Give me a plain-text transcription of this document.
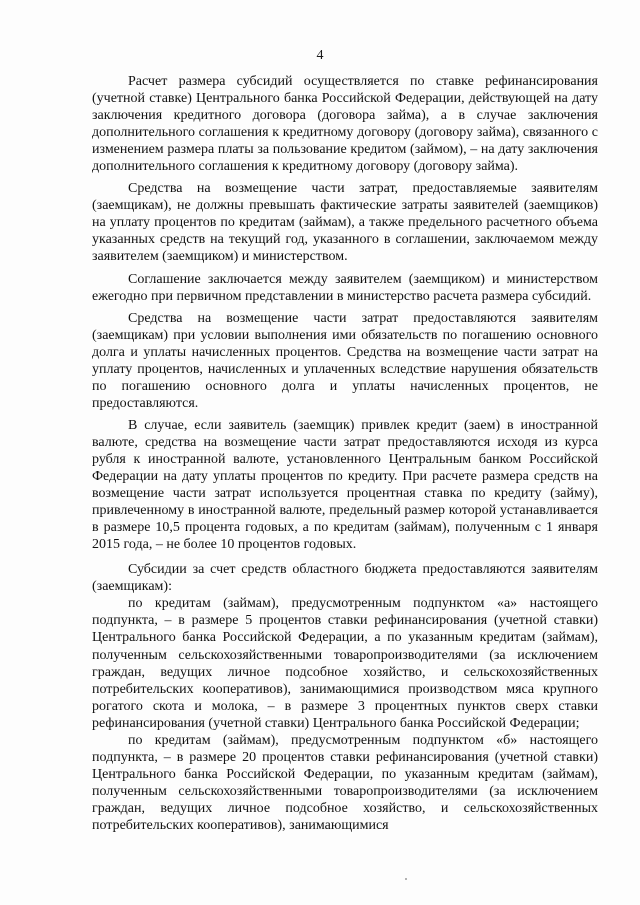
4

Расчет размера субсидий осуществляется по ставке рефинансирования (учетной ставке) Центрального банка Российской Федерации, действующей на дату заключения кредитного договора (договора займа), а в случае заключения дополнительного соглашения к кредитному договору (договору займа), связанного с изменением размера платы за пользование кредитом (займом), – на дату заключения дополнительного соглашения к кредитному договору (договору займа).

Средства на возмещение части затрат, предоставляемые заявителям (заемщикам), не должны превышать фактические затраты заявителей (заемщиков) на уплату процентов по кредитам (займам), а также предельного расчетного объема указанных средств на текущий год, указанного в соглашении, заключаемом между заявителем (заемщиком) и министерством.

Соглашение заключается между заявителем (заемщиком) и министерством ежегодно при первичном представлении в министерство расчета размера субсидий.

Средства на возмещение части затрат предоставляются заявителям (заемщикам) при условии выполнения ими обязательств по погашению основного долга и уплаты начисленных процентов. Средства на возмещение части затрат на уплату процентов, начисленных и уплаченных вследствие нарушения обязательств по погашению основного долга и уплаты начисленных процентов, не предоставляются.

В случае, если заявитель (заемщик) привлек кредит (заем) в иностранной валюте, средства на возмещение части затрат предоставляются исходя из курса рубля к иностранной валюте, установленного Центральным банком Российской Федерации на дату уплаты процентов по кредиту. При расчете размера средств на возмещение части затрат используется процентная ставка по кредиту (займу), привлеченному в иностранной валюте, предельный размер которой устанавливается в размере 10,5 процента годовых, а по кредитам (займам), полученным с 1 января 2015 года, – не более 10 процентов годовых.

Субсидии за счет средств областного бюджета предоставляются заявителям (заемщикам):

по кредитам (займам), предусмотренным подпунктом «а» настоящего подпункта, – в размере 5 процентов ставки рефинансирования (учетной ставки) Центрального банка Российской Федерации, а по указанным кредитам (займам), полученным сельскохозяйственными товаропроизводителями (за исключением граждан, ведущих личное подсобное хозяйство, и сельскохозяйственных потребительских кооперативов), занимающимися производством мяса крупного рогатого скота и молока, – в размере 3 процентных пунктов сверх ставки рефинансирования (учетной ставки) Центрального банка Российской Федерации;

по кредитам (займам), предусмотренным подпунктом «б» настоящего подпункта, – в размере 20 процентов ставки рефинансирования (учетной ставки) Центрального банка Российской Федерации, по указанным кредитам (займам), полученным сельскохозяйственными товаропроизводителями (за исключением граждан, ведущих личное подсобное хозяйство, и сельскохозяйственных потребительских кооперативов), занимающимися
